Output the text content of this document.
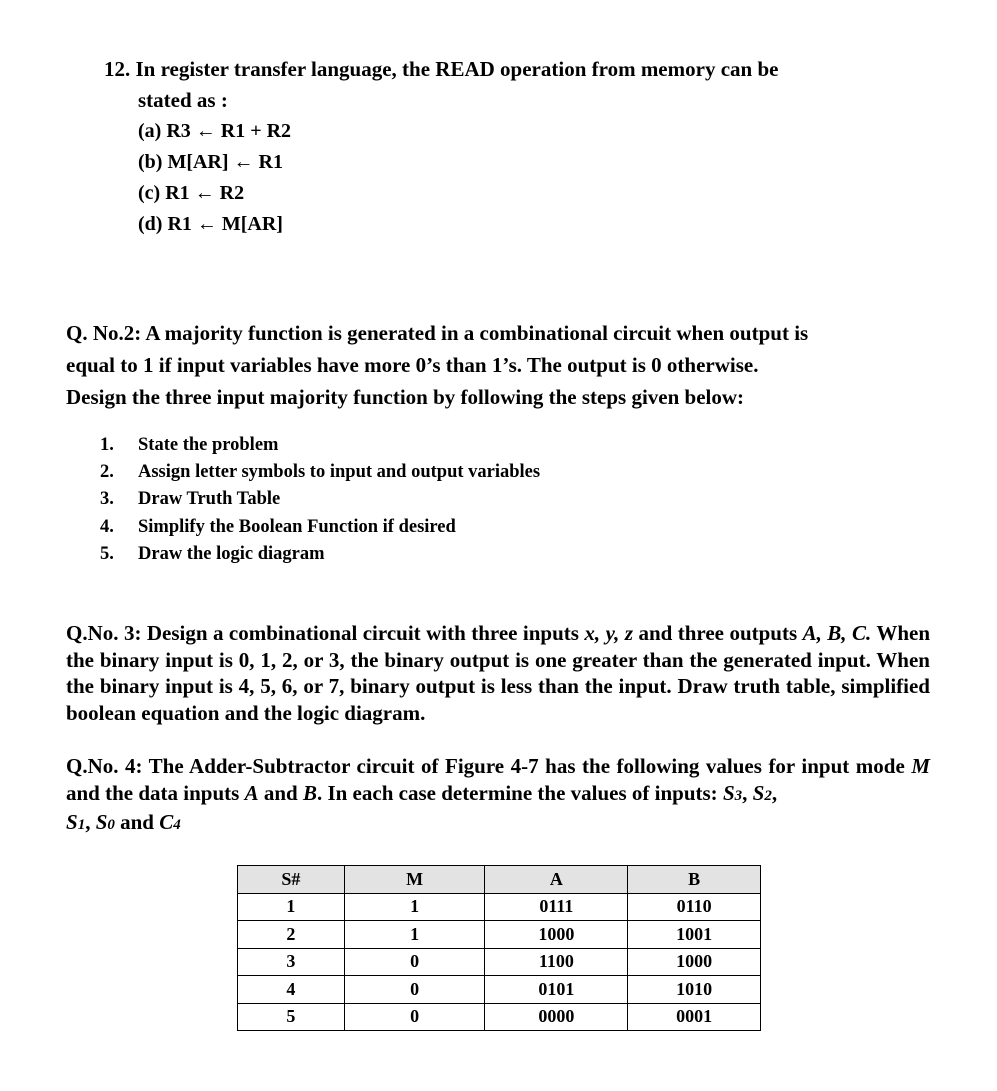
12. In register transfer language, the READ operation from memory can be
stated as :
(a) R3 ← R1 + R2
(b) M[AR] ← R1
(c) R1 ← R2
(d) R1 ← M[AR]
Q. No.2: A majority function is generated in a combinational circuit when output is
equal to 1 if input variables have more 0’s than 1’s. The output is 0 otherwise.
Design the three input majority function by following the steps given below:
1.	State the problem
2.	Assign letter symbols to input and output variables
3.	Draw Truth Table
4.	Simplify the Boolean Function if desired
5.	Draw the logic diagram
Q.No. 3: Design a combinational circuit with three inputs x, y, z and three outputs A, B, C. When the binary input is 0, 1, 2, or 3, the binary output is one greater than the generated input. When the binary input is 4, 5, 6, or 7, binary output is less than the input. Draw truth table, simplified boolean equation and the logic diagram.
Q.No. 4: The Adder-Subtractor circuit of Figure 4-7 has the following values for input mode M and the data inputs A and B. In each case determine the values of inputs: S3, S2,
S1, S0 and C4
S#	M	A	B
1	1	0111	0110
2	1	1000	1001
3	0	1100	1000
4	0	0101	1010
5	0	0000	0001
